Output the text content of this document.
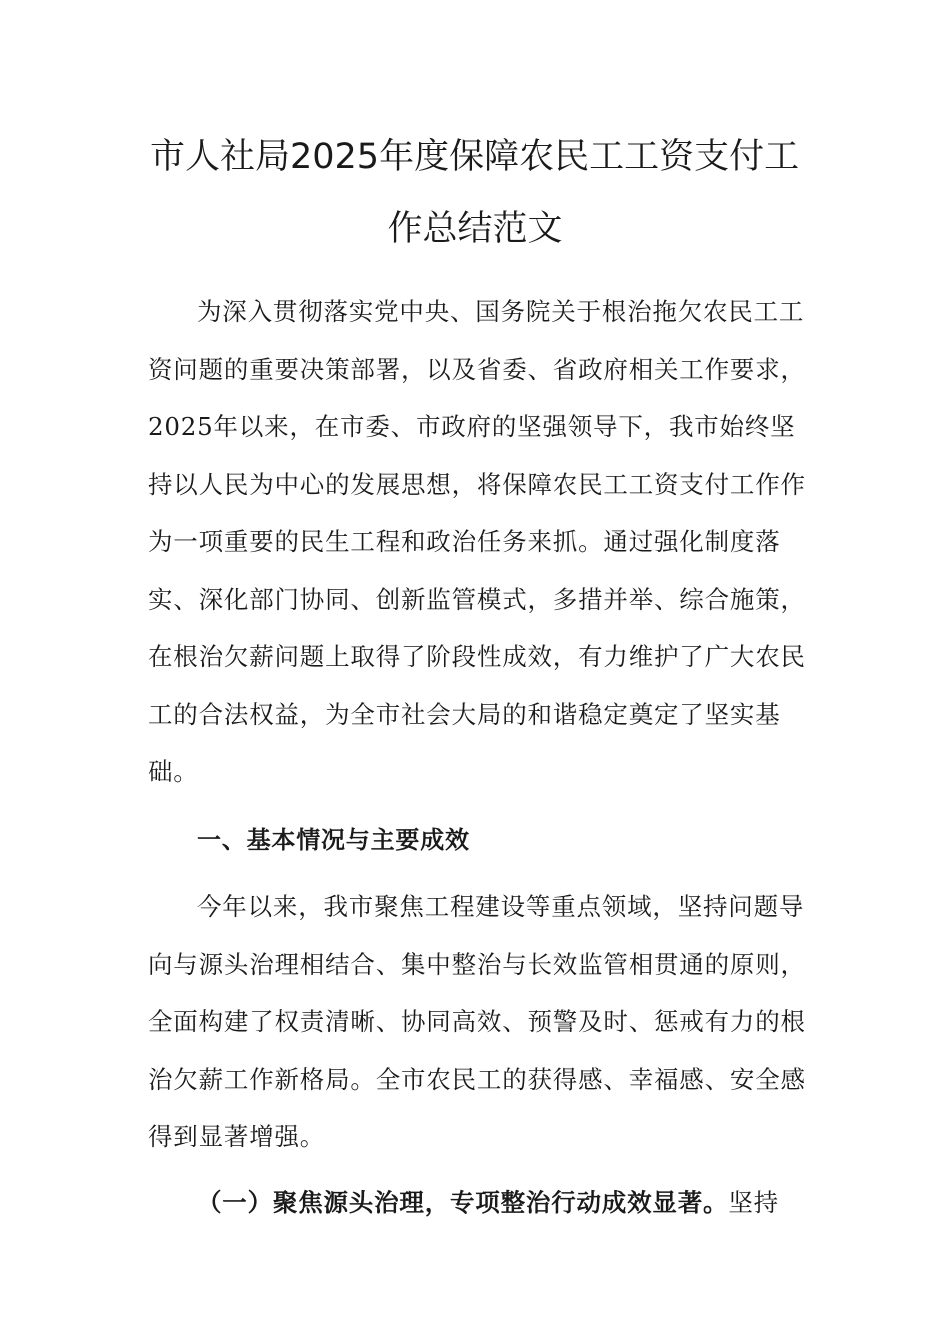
市人社局2025年度保障农民工工资支付工
作总结范文

为深入贯彻落实党中央、国务院关于根治拖欠农民工工资问题的重要决策部署，以及省委、省政府相关工作要求，2025年以来，在市委、市政府的坚强领导下，我市始终坚持以人民为中心的发展思想，将保障农民工工资支付工作作为一项重要的民生工程和政治任务来抓。通过强化制度落实、深化部门协同、创新监管模式，多措并举、综合施策，在根治欠薪问题上取得了阶段性成效，有力维护了广大农民工的合法权益，为全市社会大局的和谐稳定奠定了坚实基础。

一、基本情况与主要成效

今年以来，我市聚焦工程建设等重点领域，坚持问题导向与源头治理相结合、集中整治与长效监管相贯通的原则，全面构建了权责清晰、协同高效、预警及时、惩戒有力的根治欠薪工作新格局。全市农民工的获得感、幸福感、安全感得到显著增强。

（一）聚焦源头治理，专项整治行动成效显著。坚持
